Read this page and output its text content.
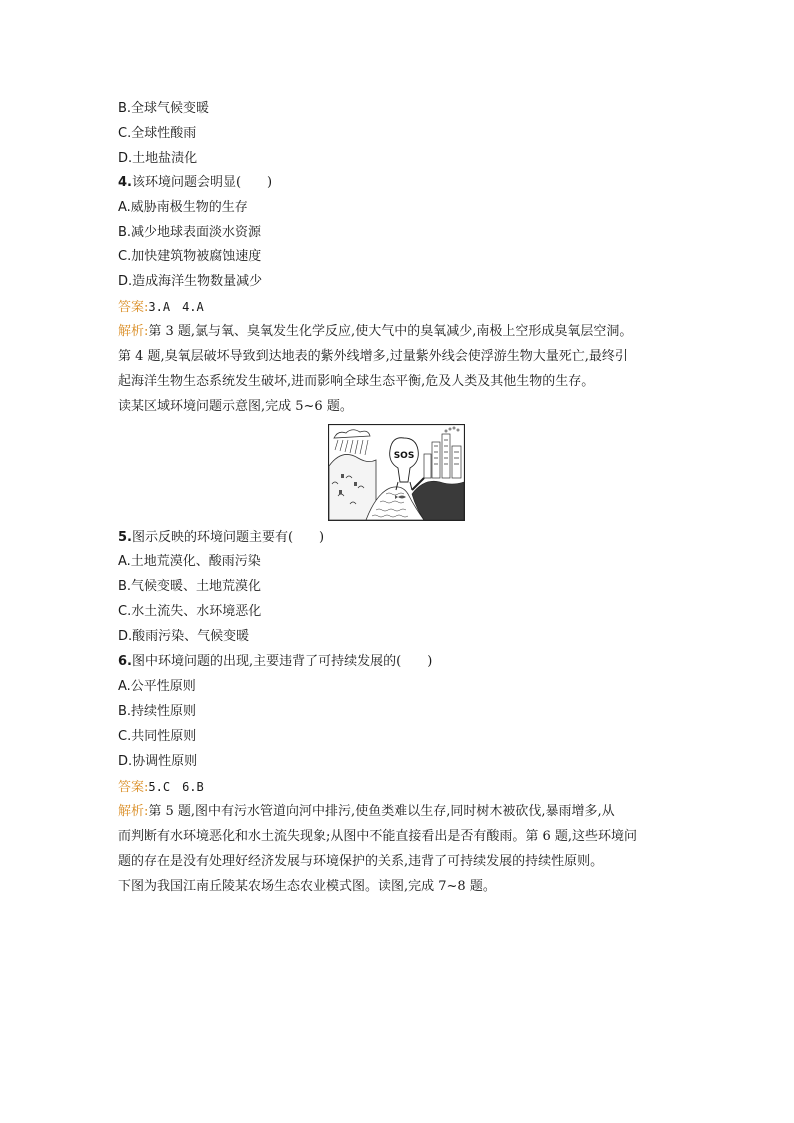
B.全球气候变暖
C.全球性酸雨
D.土地盐渍化
4.该环境问题会明显(　　)
A.威胁南极生物的生存
B.减少地球表面淡水资源
C.加快建筑物被腐蚀速度
D.造成海洋生物数量减少
答案:3.A　4.A
解析:第 3 题,氯与氧、臭氧发生化学反应,使大气中的臭氧减少,南极上空形成臭氧层空洞。
第 4 题,臭氧层破坏导致到达地表的紫外线增多,过量紫外线会使浮游生物大量死亡,最终引
起海洋生物生态系统发生破坏,进而影响全球生态平衡,危及人类及其他生物的生存。
读某区域环境问题示意图,完成 5~6 题。
SOS
5.图示反映的环境问题主要有(　　)
A.土地荒漠化、酸雨污染
B.气候变暖、土地荒漠化
C.水土流失、水环境恶化
D.酸雨污染、气候变暖
6.图中环境问题的出现,主要违背了可持续发展的(　　)
A.公平性原则
B.持续性原则
C.共同性原则
D.协调性原则
答案:5.C　6.B
解析:第 5 题,图中有污水管道向河中排污,使鱼类难以生存,同时树木被砍伐,暴雨增多,从
而判断有水环境恶化和水土流失现象;从图中不能直接看出是否有酸雨。第 6 题,这些环境问
题的存在是没有处理好经济发展与环境保护的关系,违背了可持续发展的持续性原则。
下图为我国江南丘陵某农场生态农业模式图。读图,完成 7~8 题。
